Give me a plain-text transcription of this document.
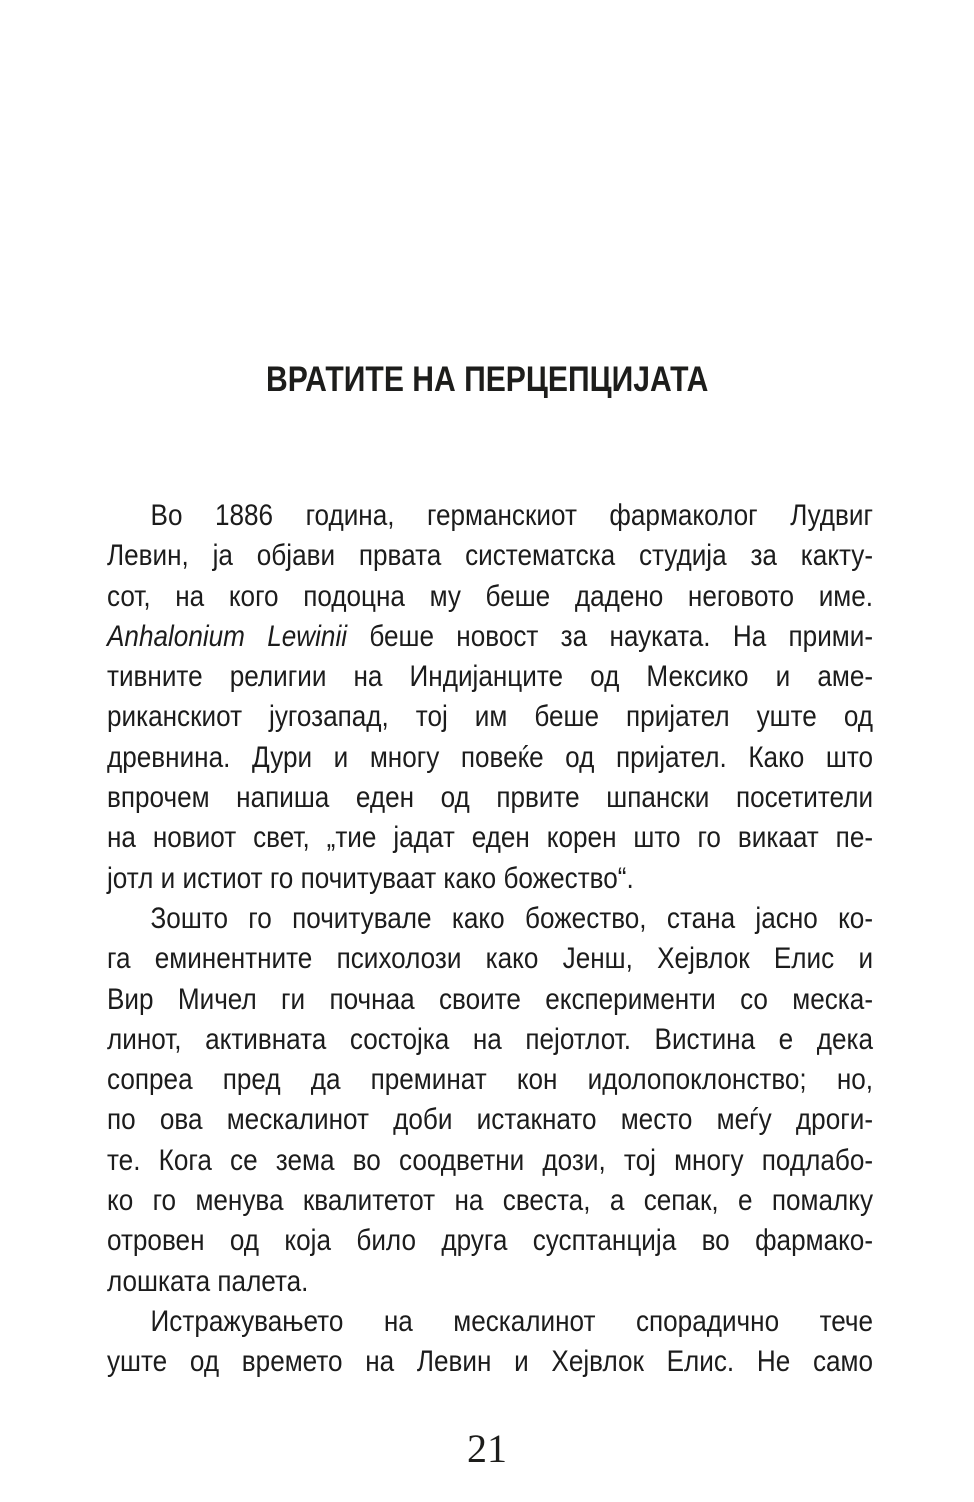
ВРАТИТЕ НА ПЕРЦЕПЦИЈАТА
Во 1886 година, германскиот фармаколог Лудвиг
Левин, ја објави првата систематска студија за какту-
сот, на кого подоцна му беше дадено неговото име.
Anhalonium Lewinii беше новост за науката. На прими-
тивните религии на Индијанците од Мексико и аме-
риканскиот југозапад, тој им беше пријател уште од
древнина. Дури и многу повеќе од пријател. Како што
впрочем напиша еден од првите шпански посетители
на новиот свет, „тие јадат еден корен што го викаат пе-
јотл и истиот го почитуваат како божество“.
Зошто го почитувале како божество, стана јасно ко-
га еминентните психолози како Јенш, Хејвлок Елис и
Вир Мичел ги почнаа своите експерименти со меска-
линот, активната состојка на пејотлот. Вистина е дека
сопреа пред да преминат кон идолопоклонство; но,
по ова мескалинот доби истакнато место меѓу дроги-
те. Кога се зема во соодветни дози, тој многу подлабо-
ко го менува квалитетот на свеста, а сепак, е помалку
отровен од која било друга сусптанција во фармако-
лошката палета.
Истражувањето на мескалинот спорадично тече
уште од времето на Левин и Хејвлок Елис. Не само
21
